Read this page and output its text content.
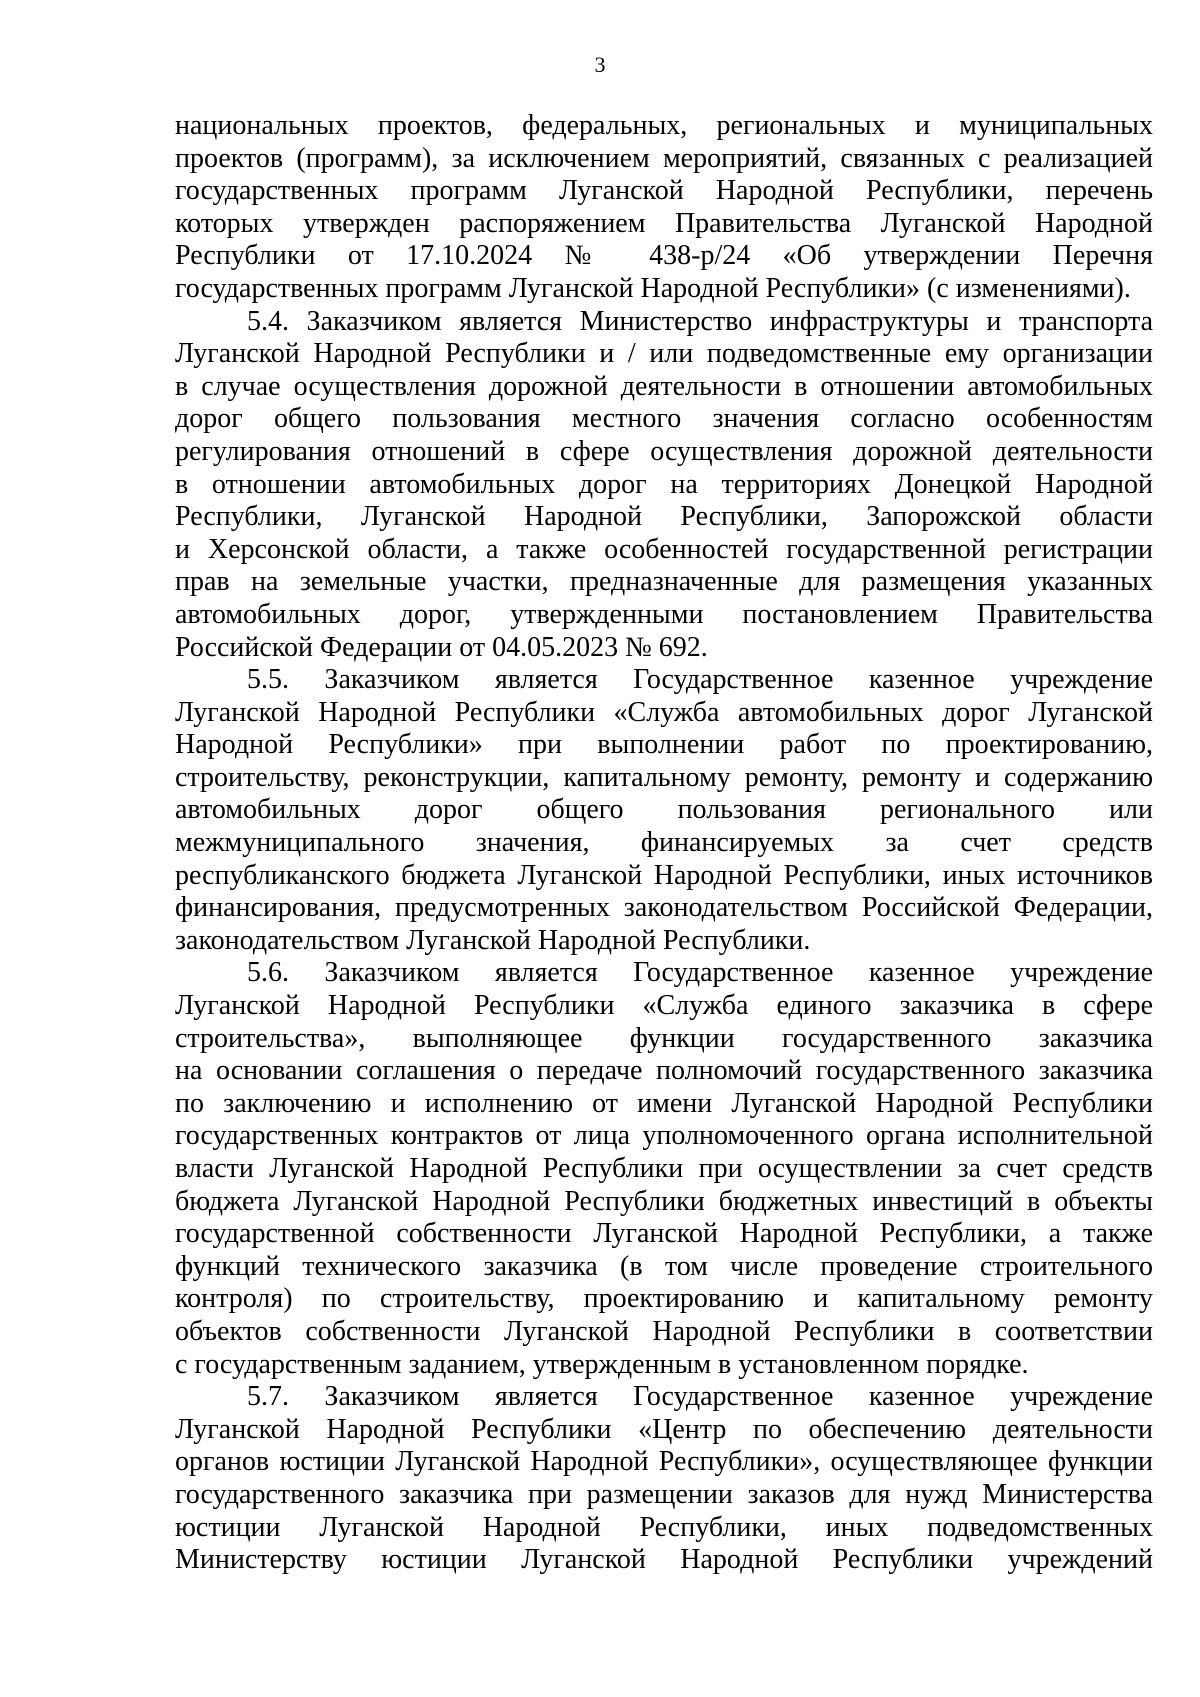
3
национальных проектов, федеральных, региональных и муниципальных
проектов (программ), за исключением мероприятий, связанных с реализацией
государственных программ Луганской Народной Республики, перечень
которых утвержден распоряжением Правительства Луганской Народной
Республики от 17.10.2024 № 438-р/24 «Об утверждении Перечня
государственных программ Луганской Народной Республики» (с изменениями).
5.4. Заказчиком является Министерство инфраструктуры и транспорта
Луганской Народной Республики и / или подведомственные ему организации
в случае осуществления дорожной деятельности в отношении автомобильных
дорог общего пользования местного значения согласно особенностям
регулирования отношений в сфере осуществления дорожной деятельности
в отношении автомобильных дорог на территориях Донецкой Народной
Республики, Луганской Народной Республики, Запорожской области
и Херсонской области, а также особенностей государственной регистрации
прав на земельные участки, предназначенные для размещения указанных
автомобильных дорог, утвержденными постановлением Правительства
Российской Федерации от 04.05.2023 № 692.
5.5. Заказчиком является Государственное казенное учреждение
Луганской Народной Республики «Служба автомобильных дорог Луганской
Народной Республики» при выполнении работ по проектированию,
строительству, реконструкции, капитальному ремонту, ремонту и содержанию
автомобильных дорог общего пользования регионального или
межмуниципального значения, финансируемых за счет средств
республиканского бюджета Луганской Народной Республики, иных источников
финансирования, предусмотренных законодательством Российской Федерации,
законодательством Луганской Народной Республики.
5.6. Заказчиком является Государственное казенное учреждение
Луганской Народной Республики «Служба единого заказчика в сфере
строительства», выполняющее функции государственного заказчика
на основании соглашения о передаче полномочий государственного заказчика
по заключению и исполнению от имени Луганской Народной Республики
государственных контрактов от лица уполномоченного органа исполнительной
власти Луганской Народной Республики при осуществлении за счет средств
бюджета Луганской Народной Республики бюджетных инвестиций в объекты
государственной собственности Луганской Народной Республики, а также
функций технического заказчика (в том числе проведение строительного
контроля) по строительству, проектированию и капитальному ремонту
объектов собственности Луганской Народной Республики в соответствии
с государственным заданием, утвержденным в установленном порядке.
5.7. Заказчиком является Государственное казенное учреждение
Луганской Народной Республики «Центр по обеспечению деятельности
органов юстиции Луганской Народной Республики», осуществляющее функции
государственного заказчика при размещении заказов для нужд Министерства
юстиции Луганской Народной Республики, иных подведомственных
Министерству юстиции Луганской Народной Республики учреждений
